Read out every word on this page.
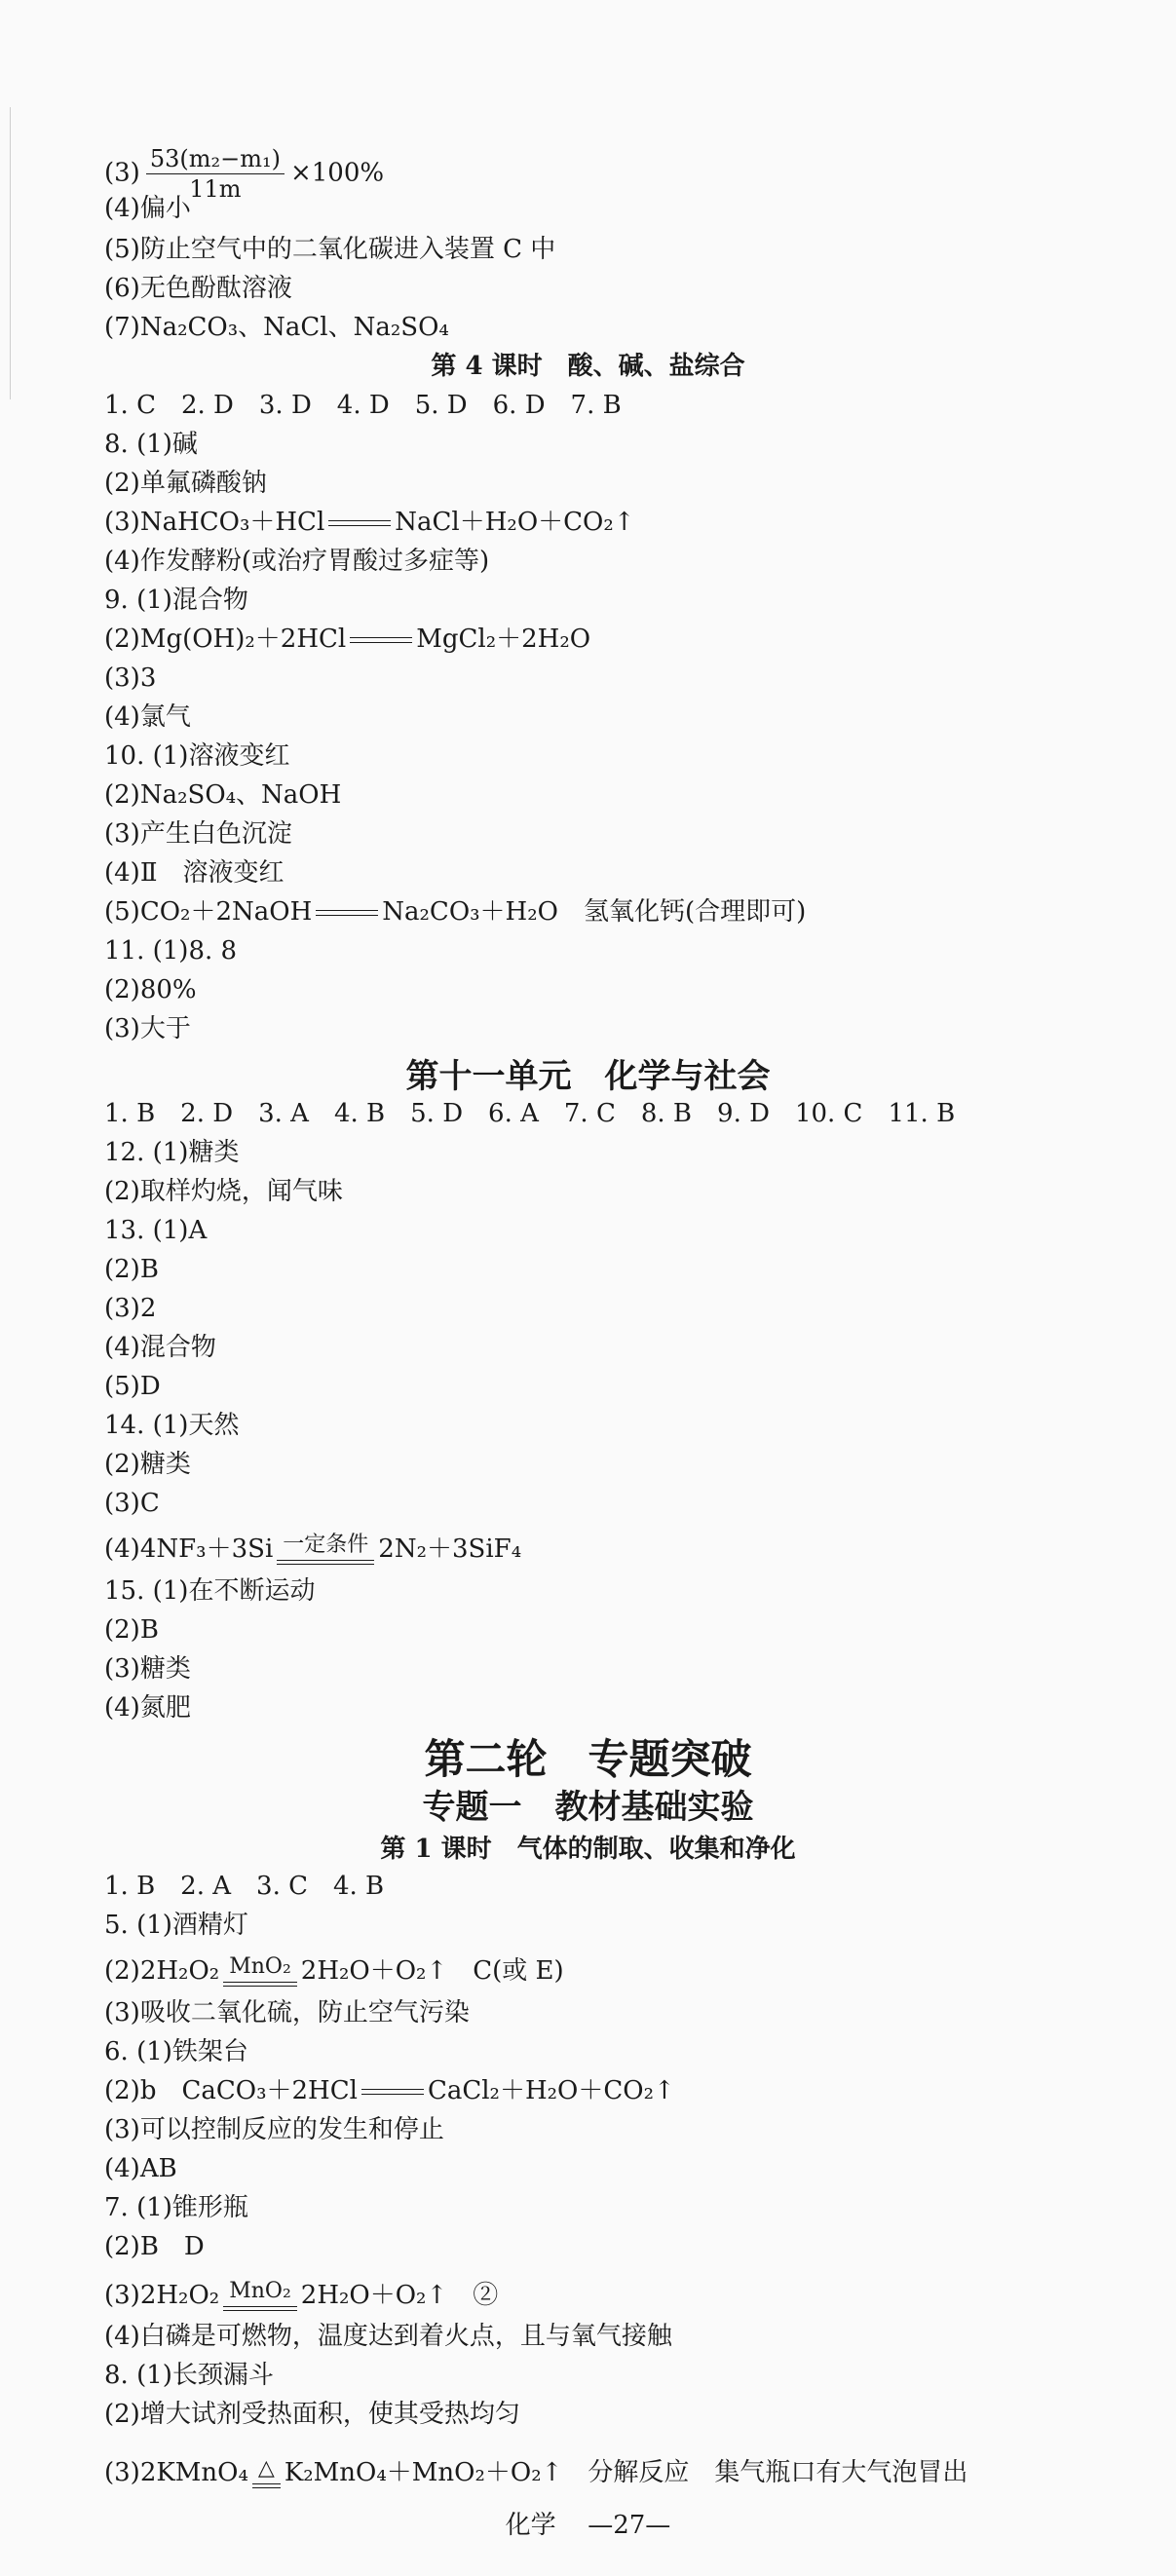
$(3) \frac{\text{53(m₂−m₁)}}{11m} \times 100\%$
(4)偏小
(5)防止空气中的二氧化碳进入装置 C 中
(6)无色酚酞溶液
(7)Na₂CO₃、NaCl、Na₂SO₄
第 4 课时　酸、碱、盐综合
1. C　2. D　3. D　4. D　5. D　6. D　7. B
8. (1)碱
(2)单氟磷酸钠
(3)NaHCO₃＋HCl	NaCl＋H₂O＋CO₂↑
(4)作发酵粉(或治疗胃酸过多症等)
9. (1)混合物
(2)Mg(OH)₂＋2HCl	MgCl₂＋2H₂O
(3)3
(4)氯气
10. (1)溶液变红
(2)Na₂SO₄、NaOH
(3)产生白色沉淀
(4)Ⅱ　溶液变红
(5)CO₂＋2NaOH	Na₂CO₃＋H₂O　氢氧化钙(合理即可)
11. (1)8. 8
(2)80%
(3)大于
第十一单元　化学与社会
1. B　2. D　3. A　4. B　5. D　6. A　7. C　8. B　9. D　10. C　11. B
12. (1)糖类
(2)取样灼烧，闻气味
13. (1)A
(2)B
(3)2
(4)混合物
(5)D
14. (1)天然
(2)糖类
(3)C
(4)4NF₃＋3Si 一定条件 2N₂＋3SiF₄
15. (1)在不断运动
(2)B
(3)糖类
(4)氮肥
第二轮　专题突破
专题一　教材基础实验
第 1 课时　气体的制取、收集和净化
1. B　2. A　3. C　4. B
5. (1)酒精灯
(2)2H₂O₂ MnO₂ 2H₂O＋O₂↑　C(或 E)
(3)吸收二氧化硫，防止空气污染
6. (1)铁架台
(2)b　CaCO₃＋2HCl	CaCl₂＋H₂O＋CO₂↑
(3)可以控制反应的发生和停止
(4)AB
7. (1)锥形瓶
(2)B　D
(3)2H₂O₂ MnO₂ 2H₂O＋O₂↑　②
(4)白磷是可燃物，温度达到着火点，且与氧气接触
8. (1)长颈漏斗
(2)增大试剂受热面积，使其受热均匀
(3)2KMnO₄ △ K₂MnO₄＋MnO₂＋O₂↑　分解反应　集气瓶口有大气泡冒出
化学 —27—
